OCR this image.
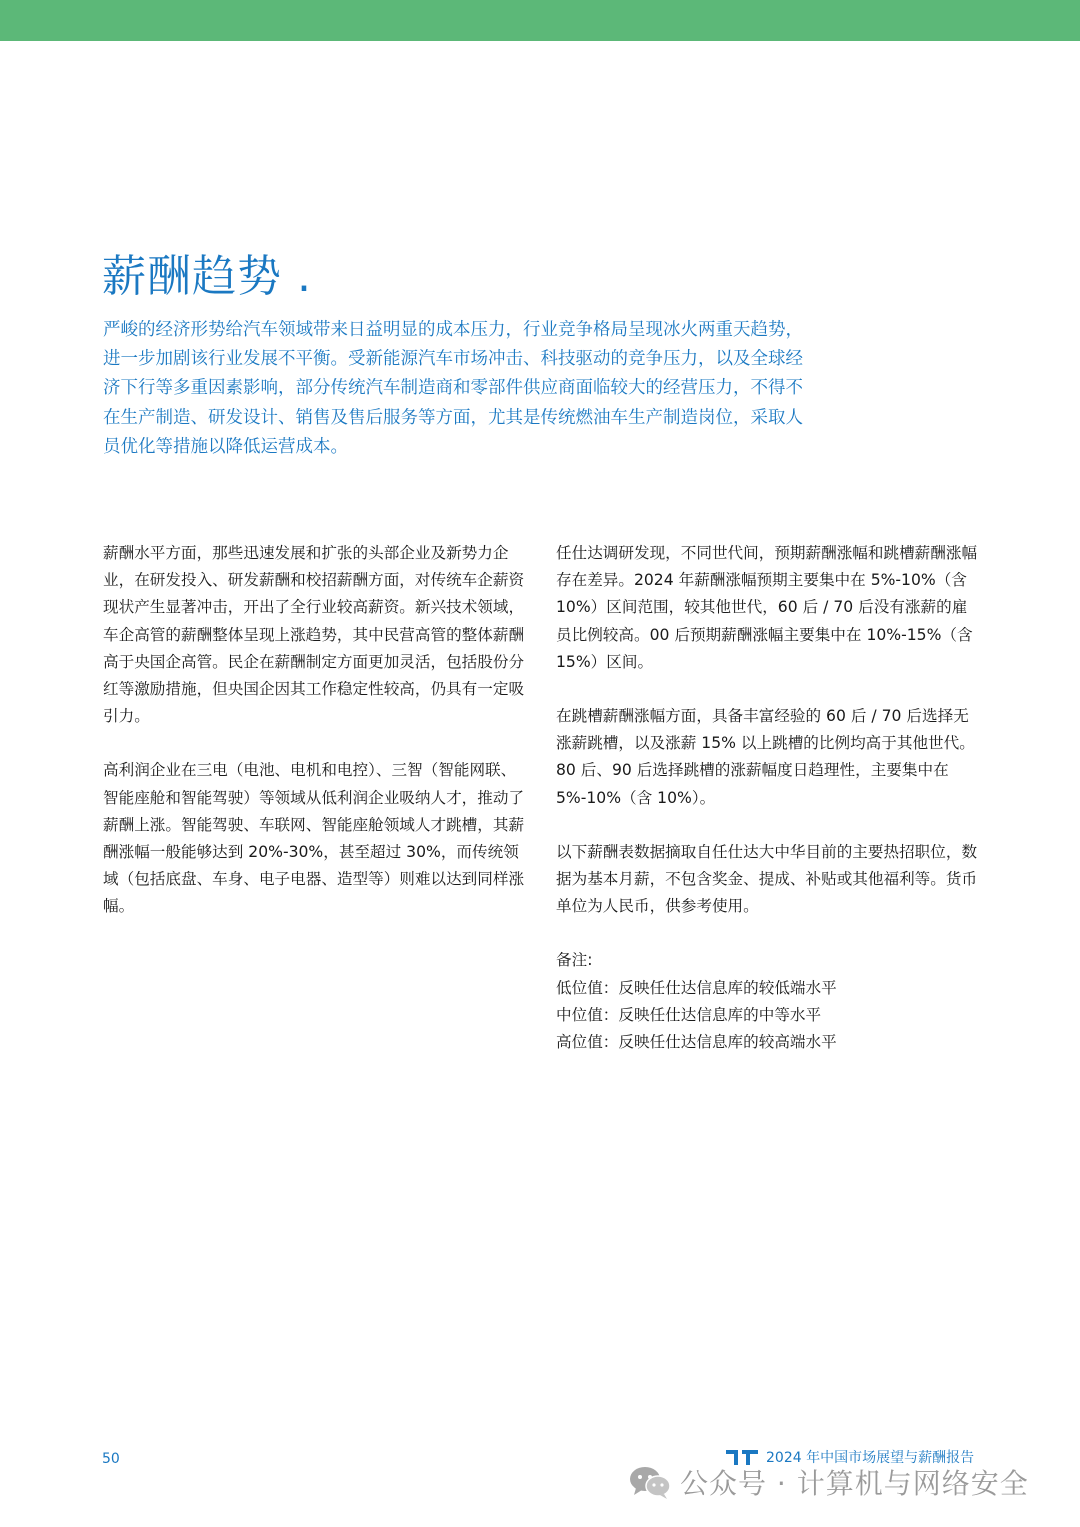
薪酬趋势 .
严峻的经济形势给汽车领域带来日益明显的成本压力，行业竞争格局呈现冰火两重天趋势，进一步加剧该行业发展不平衡。受新能源汽车市场冲击、科技驱动的竞争压力，以及全球经济下行等多重因素影响，部分传统汽车制造商和零部件供应商面临较大的经营压力，不得不在生产制造、研发设计、销售及售后服务等方面，尤其是传统燃油车生产制造岗位，采取人员优化等措施以降低运营成本。

薪酬水平方面，那些迅速发展和扩张的头部企业及新势力企业，在研发投入、研发薪酬和校招薪酬方面，对传统车企薪资现状产生显著冲击，开出了全行业较高薪资。新兴技术领域，车企高管的薪酬整体呈现上涨趋势，其中民营高管的整体薪酬高于央国企高管。民企在薪酬制定方面更加灵活，包括股份分红等激励措施，但央国企因其工作稳定性较高，仍具有一定吸引力。

高利润企业在三电（电池、电机和电控）、三智（智能网联、智能座舱和智能驾驶）等领域从低利润企业吸纳人才，推动了薪酬上涨。智能驾驶、车联网、智能座舱领域人才跳槽，其薪酬涨幅一般能够达到 20%-30%，甚至超过 30%，而传统领域（包括底盘、车身、电子电器、造型等）则难以达到同样涨幅。

任仕达调研发现，不同世代间，预期薪酬涨幅和跳槽薪酬涨幅存在差异。2024 年薪酬涨幅预期主要集中在 5%-10%（含 10%）区间范围，较其他世代，60 后 / 70 后没有涨薪的雇员比例较高。00 后预期薪酬涨幅主要集中在 10%-15%（含 15%）区间。

在跳槽薪酬涨幅方面，具备丰富经验的 60 后 / 70 后选择无涨薪跳槽，以及涨薪 15% 以上跳槽的比例均高于其他世代。80 后、90 后选择跳槽的涨薪幅度日趋理性，主要集中在 5%-10%（含 10%）。

以下薪酬表数据摘取自任仕达大中华目前的主要热招职位，数据为基本月薪，不包含奖金、提成、补贴或其他福利等。货币单位为人民币，供参考使用。

备注:
低位值：反映任仕达信息库的较低端水平
中位值：反映任仕达信息库的中等水平
高位值：反映任仕达信息库的较高端水平

50	2024 年中国市场展望与薪酬报告
公众号 · 计算机与网络安全
